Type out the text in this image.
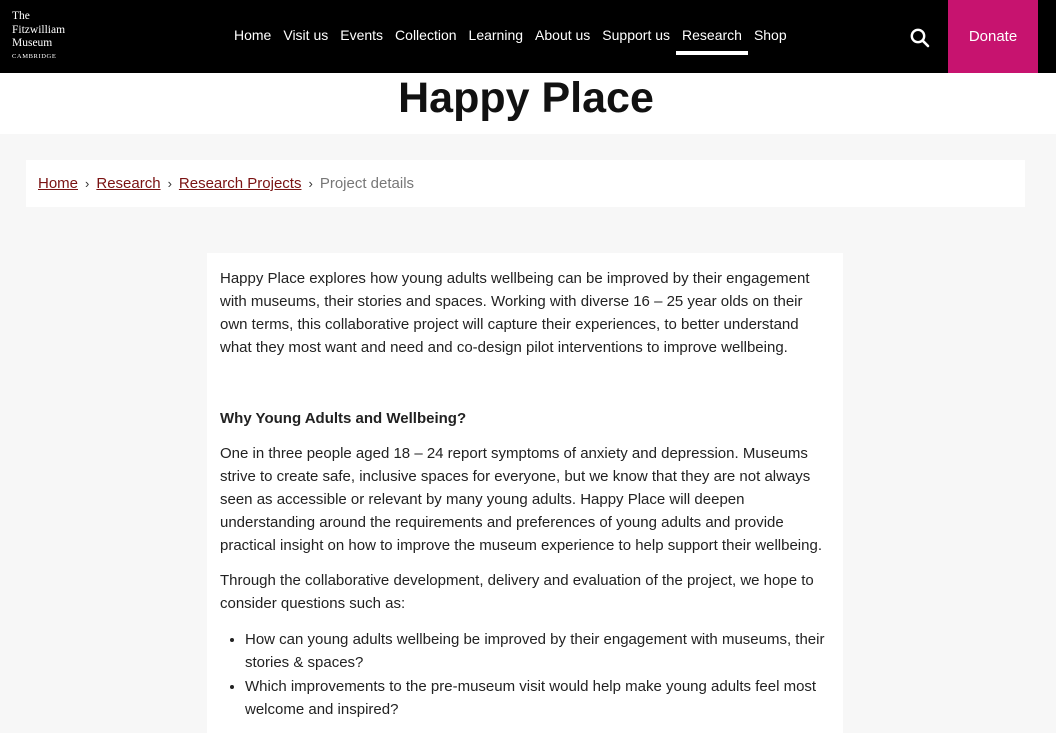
The
Fitzwilliam
Museum
CAMBRIDGE
Home Visit us Events Collection Learning About us Support us Research Shop	Donate
Happy Place
Home › Research › Research Projects › Project details

Happy Place explores how young adults wellbeing can be improved by their engagement with museums, their stories and spaces. Working with diverse 16 – 25 year olds on their own terms, this collaborative project will capture their experiences, to better understand what they most want and need and co-design pilot interventions to improve wellbeing.

Why Young Adults and Wellbeing?

One in three people aged 18 – 24 report symptoms of anxiety and depression. Museums strive to create safe, inclusive spaces for everyone, but we know that they are not always seen as accessible or relevant by many young adults. Happy Place will deepen understanding around the requirements and preferences of young adults and provide practical insight on how to improve the museum experience to help support their wellbeing.

Through the collaborative development, delivery and evaluation of the project, we hope to consider questions such as:

• How can young adults wellbeing be improved by their engagement with museums, their stories & spaces?
• Which improvements to the pre-museum visit would help make young adults feel most welcome and inspired?
